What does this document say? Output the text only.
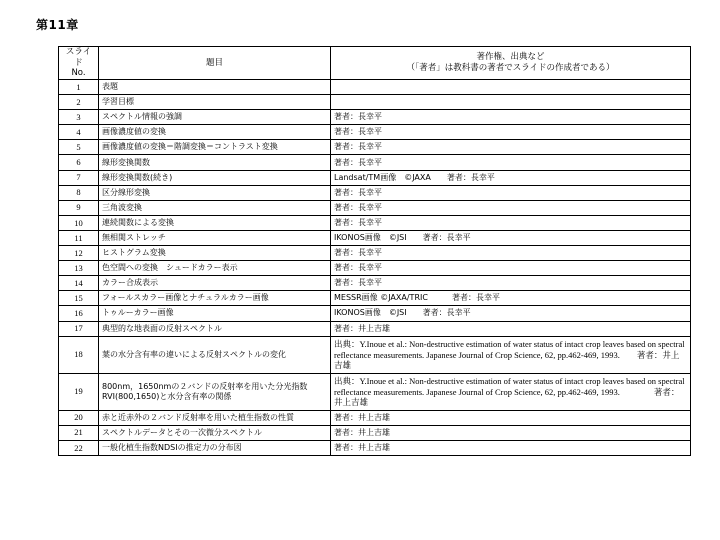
第11章
スライド
No.	題目	著作権、出典など
（「著者」は教科書の著者でスライドの作成者である）

1	表題	
2	学習目標	
3	スペクトル情報の強調	著者：長幸平
4	画像濃度値の変換	著者：長幸平
5	画像濃度値の変換＝階調変換＝コントラスト変換	著者：長幸平
6	線形変換関数	著者：長幸平
7	線形変換関数(続き)	Landsat/TM画像　©JAXA　　著者：長幸平
8	区分線形変換	著者：長幸平
9	三角波変換	著者：長幸平
10	連続関数による変換	著者：長幸平
11	無相関ストレッチ	IKONOS画像　©JSI　　著者：長幸平
12	ヒストグラム変換	著者：長幸平
13	色空間への変換　シュードカラー表示	著者：長幸平
14	カラー合成表示	著者：長幸平
15	フォールスカラー画像とナチュラルカラー画像	MESSR画像 ©JAXA/TRIC　　　著者：長幸平
16	トゥルーカラー画像	IKONOS画像　©JSI　　著者：長幸平
17	典型的な地表面の反射スペクトル	著者：井上吉雄
18	葉の水分含有率の違いによる反射スペクトルの変化	出典：Y.Inoue et al.: Non-destructive estimation of water status of intact crop leaves based on spectral reflectance measurements. Japanese Journal of Crop Science, 62, pp.462-469, 1993.　　著者：井上吉雄
19	800nm，1650nmの２バンドの反射率を用いた分光指数
RVI(800,1650)と水分含有率の関係	出典：Y.Inoue et al.: Non-destructive estimation of water status of intact crop leaves based on spectral reflectance measurements. Japanese Journal of Crop Science, 62, pp.462-469, 1993.　　　　著者：井上吉雄
20	赤と近赤外の２バンド反射率を用いた植生指数の性質	著者：井上吉雄
21	スペクトルデータとその一次微分スペクトル	著者：井上吉雄
22	一般化植生指数NDSIの推定力の分布図	著者：井上吉雄
